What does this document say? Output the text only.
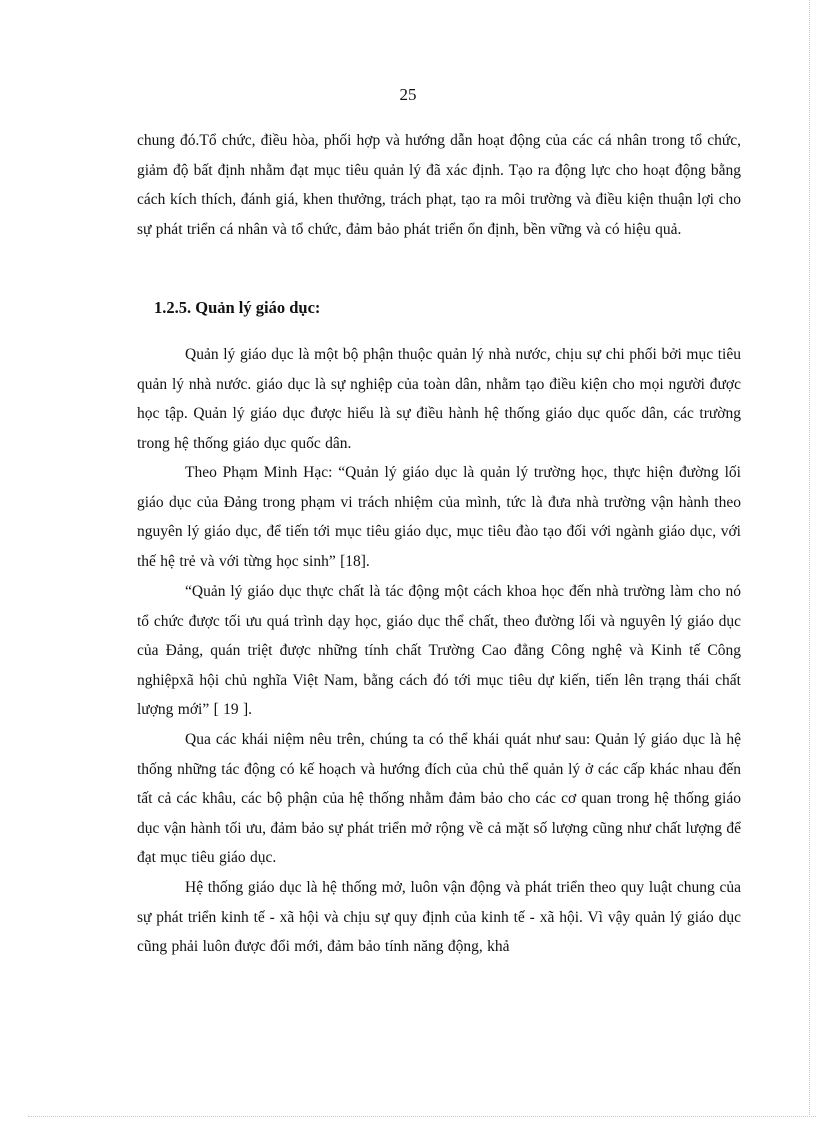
25

chung đó.Tổ chức, điều hòa, phối hợp và hướng dẫn hoạt động của các cá nhân trong tổ chức, giảm độ bất định nhằm đạt mục tiêu quản lý đã xác định. Tạo ra động lực cho hoạt động bằng cách kích thích, đánh giá, khen thưởng, trách phạt, tạo ra môi trường và điều kiện thuận lợi cho sự phát triển cá nhân và tổ chức, đảm bảo phát triển ổn định, bền vững và có hiệu quả.

1.2.5. Quản lý giáo dục:

Quản lý giáo dục là một bộ phận thuộc quản lý nhà nước, chịu sự chi phối bởi mục tiêu quản lý nhà nước. giáo dục là sự nghiệp của toàn dân, nhằm tạo điều kiện cho mọi người được học tập. Quản lý giáo dục được hiểu là sự điều hành hệ thống giáo dục quốc dân, các trường trong hệ thống giáo dục quốc dân.

Theo Phạm Minh Hạc: “Quản lý giáo dục là quản lý trường học, thực hiện đường lối giáo dục của Đảng trong phạm vi trách nhiệm của mình, tức là đưa nhà trường vận hành theo nguyên lý giáo dục, để tiến tới mục tiêu giáo dục, mục tiêu đào tạo đối với ngành giáo dục, với thế hệ trẻ và với từng học sinh” [18].

“Quản lý giáo dục thực chất là tác động một cách khoa học đến nhà trường làm cho nó tổ chức được tối ưu quá trình dạy học, giáo dục thể chất, theo đường lối và nguyên lý giáo dục của Đảng, quán triệt được những tính chất Trường Cao đẳng Công nghệ và Kinh tế Công nghiệpxã hội chủ nghĩa Việt Nam, bằng cách đó tới mục tiêu dự kiến, tiến lên trạng thái chất lượng mới” [ 19 ].

Qua các khái niệm nêu trên, chúng ta có thể khái quát như sau: Quản lý giáo dục là hệ thống những tác động có kế hoạch và hướng đích của chủ thể quản lý ở các cấp khác nhau đến tất cả các khâu, các bộ phận của hệ thống nhằm đảm bảo cho các cơ quan trong hệ thống giáo dục vận hành tối ưu, đảm bảo sự phát triển mở rộng về cả mặt số lượng cũng như chất lượng để đạt mục tiêu giáo dục.

Hệ thống giáo dục là hệ thống mở, luôn vận động và phát triển theo quy luật chung của sự phát triển kinh tế - xã hội và chịu sự quy định của kinh tế - xã hội. Vì vậy quản lý giáo dục cũng phải luôn được đổi mới, đảm bảo tính năng động, khả
